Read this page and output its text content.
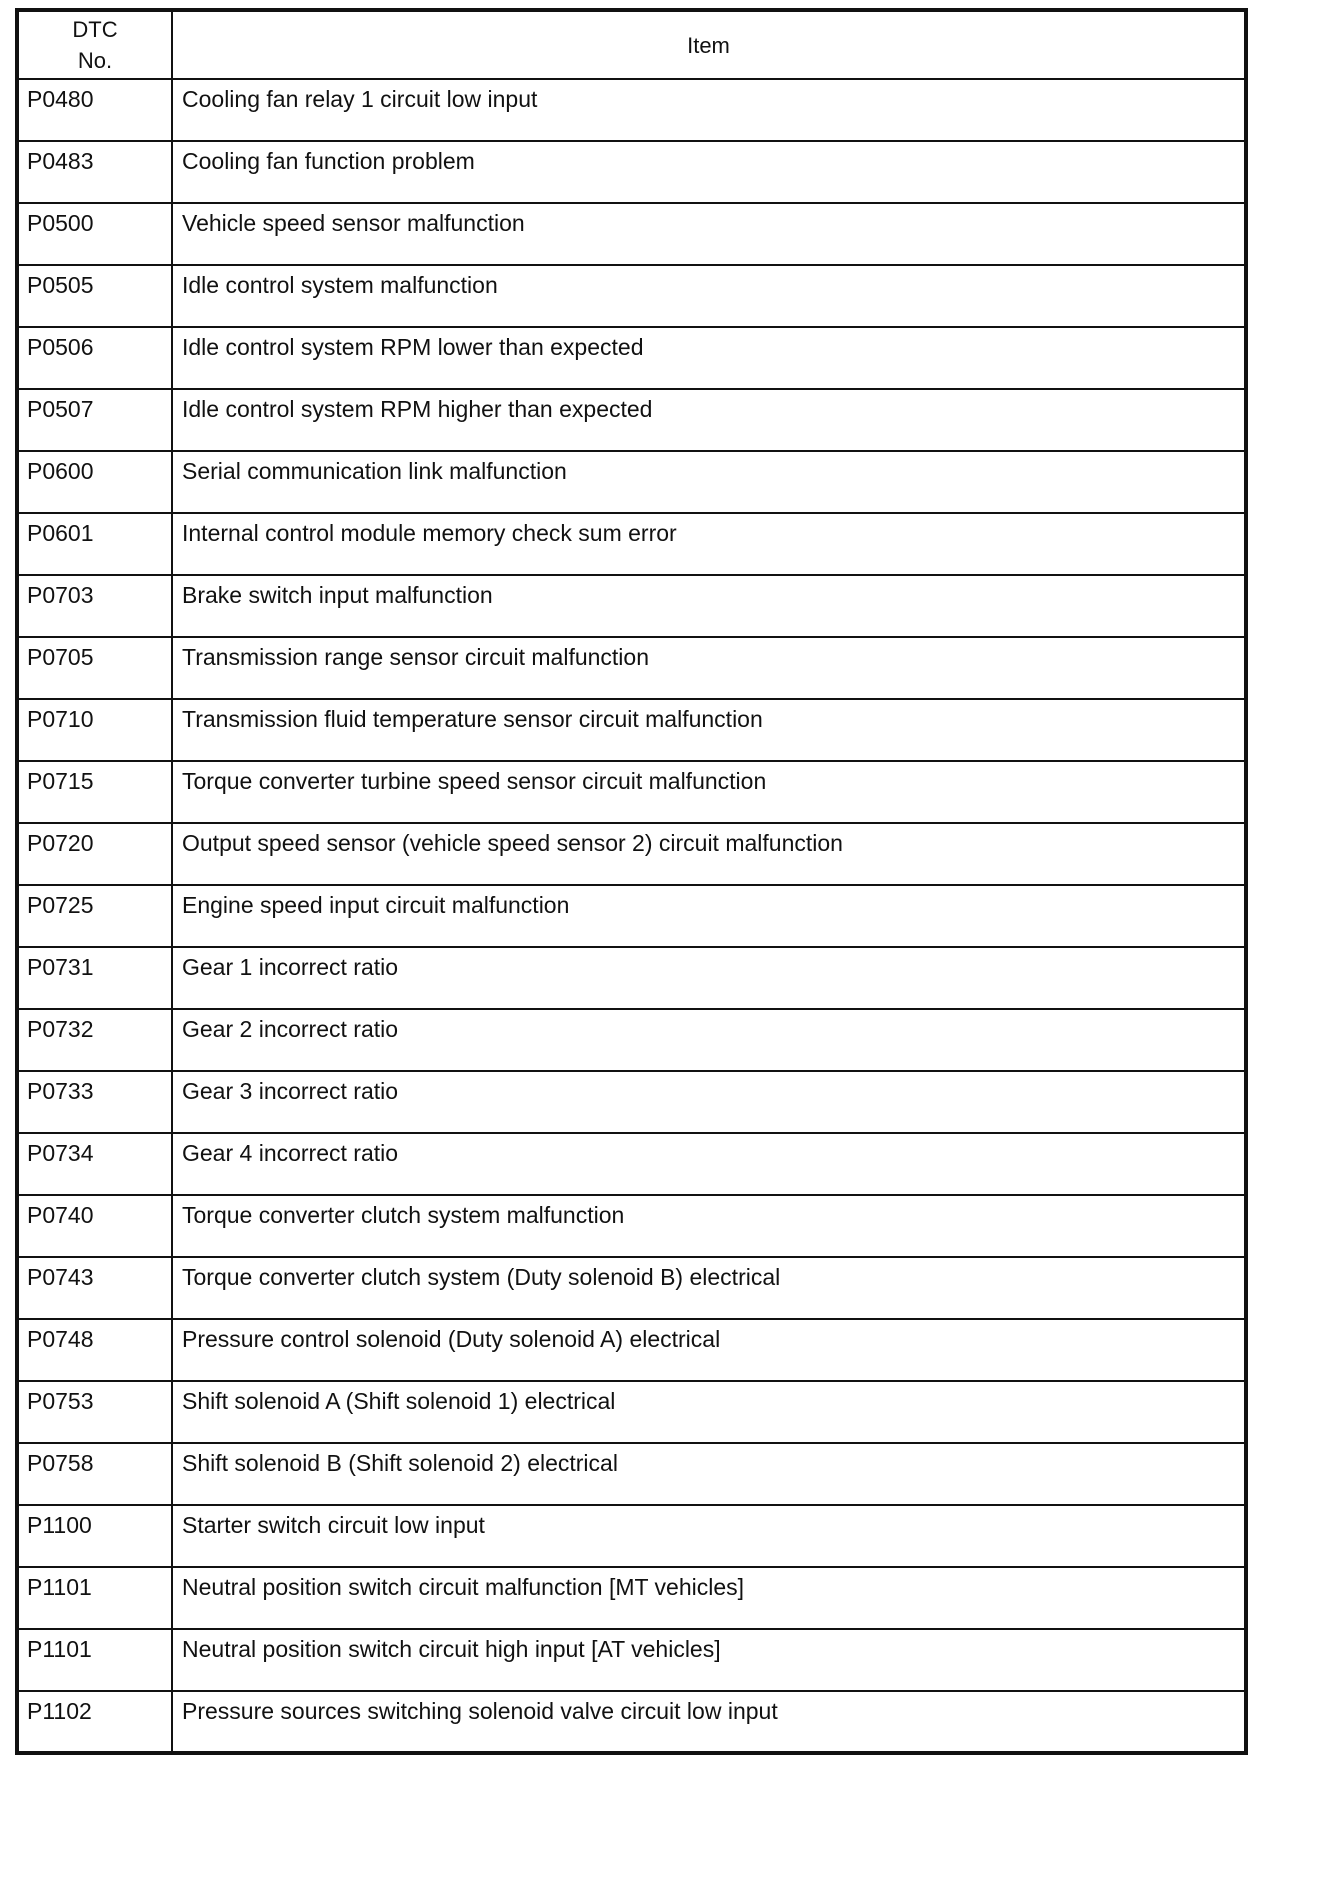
DTC
No.	Item
P0480	Cooling fan relay 1 circuit low input
P0483	Cooling fan function problem
P0500	Vehicle speed sensor malfunction
P0505	Idle control system malfunction
P0506	Idle control system RPM lower than expected
P0507	Idle control system RPM higher than expected
P0600	Serial communication link malfunction
P0601	Internal control module memory check sum error
P0703	Brake switch input malfunction
P0705	Transmission range sensor circuit malfunction
P0710	Transmission fluid temperature sensor circuit malfunction
P0715	Torque converter turbine speed sensor circuit malfunction
P0720	Output speed sensor (vehicle speed sensor 2) circuit malfunction
P0725	Engine speed input circuit malfunction
P0731	Gear 1 incorrect ratio
P0732	Gear 2 incorrect ratio
P0733	Gear 3 incorrect ratio
P0734	Gear 4 incorrect ratio
P0740	Torque converter clutch system malfunction
P0743	Torque converter clutch system (Duty solenoid B) electrical
P0748	Pressure control solenoid (Duty solenoid A) electrical
P0753	Shift solenoid A (Shift solenoid 1) electrical
P0758	Shift solenoid B (Shift solenoid 2) electrical
P1100	Starter switch circuit low input
P1101	Neutral position switch circuit malfunction [MT vehicles]
P1101	Neutral position switch circuit high input [AT vehicles]
P1102	Pressure sources switching solenoid valve circuit low input
